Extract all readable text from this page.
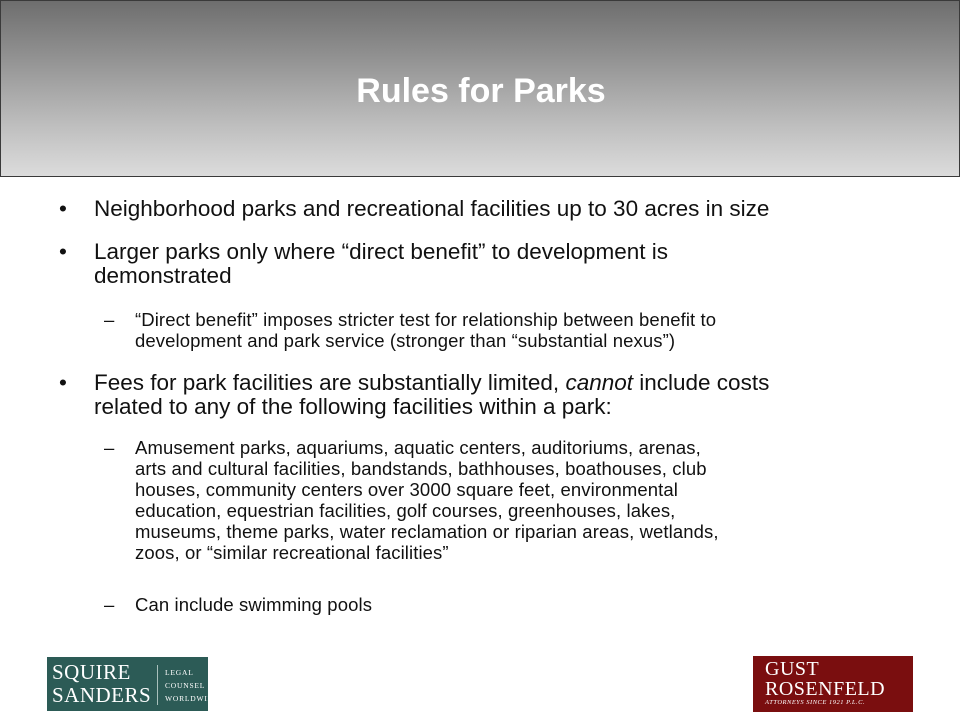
Rules for Parks
• Neighborhood parks and recreational facilities up to 30 acres in size
• Larger parks only where “direct benefit” to development is
demonstrated
– “Direct benefit” imposes stricter test for relationship between benefit to
development and park service (stronger than “substantial nexus”)
• Fees for park facilities are substantially limited, cannot include costs
related to any of the following facilities within a park:
– Amusement parks, aquariums, aquatic centers, auditoriums, arenas,
arts and cultural facilities, bandstands, bathhouses, boathouses, club
houses, community centers over 3000 square feet, environmental
education, equestrian facilities, golf courses, greenhouses, lakes,
museums, theme parks, water reclamation or riparian areas, wetlands,
zoos, or “similar recreational facilities”
– Can include swimming pools
SQUIRE
SANDERS
LEGAL
COUNSEL
WORLDWIDE
GUST
ROSENFELD
ATTORNEYS SINCE 1921 P.L.C.
